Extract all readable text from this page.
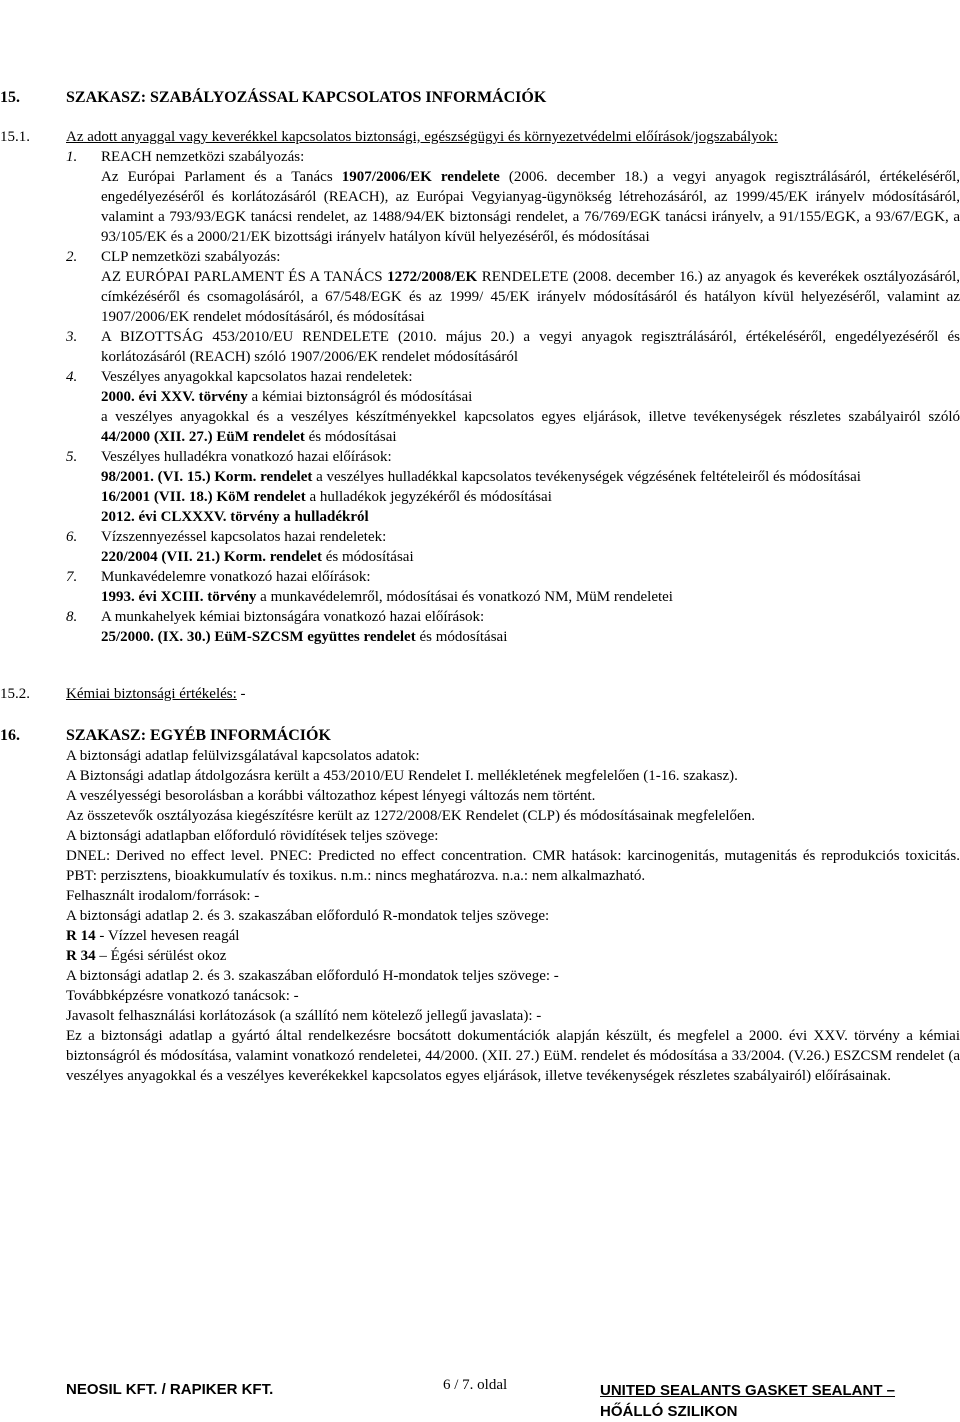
Elkészítés időpontja: 2009. január 15.
Felülvizsgálat időpontja: 2013. február 26.
Verziószám: 2
http://www.biztonsagiadatlap.hu
15.	SZAKASZ: SZABÁLYOZÁSSAL KAPCSOLATOS INFORMÁCIÓK
15.1. Az adott anyaggal vagy keverékkel kapcsolatos biztonsági, egészségügyi és környezetvédelmi előírások/jogszabályok:
1. REACH nemzetközi szabályozás:

Az Európai Parlament és a Tanács 1907/2006/EK rendelete (2006. december 18.) a vegyi anyagok regisztrálásáról, értékeléséről, engedélyezéséről és korlátozásáról (REACH), az Európai Vegyianyag-ügynökség létrehozásáról, az 1999/45/EK irányelv módosításáról, valamint a 793/93/EGK tanácsi rendelet, az 1488/94/EK biztonsági rendelet, a 76/769/EGK tanácsi irányelv, a 91/155/EGK, a 93/67/EGK, a 93/105/EK és a 2000/21/EK bizottsági irányelv hatályon kívül helyezéséről, és módosításai

2. CLP nemzetközi szabályozás:

AZ EURÓPAI PARLAMENT ÉS A TANÁCS 1272/2008/EK RENDELETE (2008. december 16.) az anyagok és keverékek osztályozásáról, címkézéséről és csomagolásáról, a 67/548/EGK és az 1999/ 45/EK irányelv módosításáról és hatályon kívül helyezéséről, valamint az 1907/2006/EK rendelet módosításáról, és módosításai

3. A BIZOTTSÁG 453/2010/EU RENDELETE (2010. május 20.) a vegyi anyagok regisztrálásáról, értékeléséről, engedélyezéséről és korlátozásáról (REACH) szóló 1907/2006/EK rendelet módosításáról

4. Veszélyes anyagokkal kapcsolatos hazai rendeletek:

2000. évi XXV. törvény a kémiai biztonságról és módosításai

a veszélyes anyagokkal és a veszélyes készítményekkel kapcsolatos egyes eljárások, illetve tevékenységek részletes szabályairól szóló 44/2000 (XII. 27.) EüM rendelet és módosításai

5. Veszélyes hulladékra vonatkozó hazai előírások:

98/2001. (VI. 15.) Korm. rendelet a veszélyes hulladékkal kapcsolatos tevékenységek végzésének feltételeiről és módosításai

16/2001 (VII. 18.) KöM rendelet a hulladékok jegyzékéről és módosításai

2012. évi CLXXXV. törvény a hulladékról

6. Vízszennyezéssel kapcsolatos hazai rendeletek:

220/2004 (VII. 21.) Korm. rendelet és módosításai

7. Munkavédelemre vonatkozó hazai előírások:

1993. évi XCIII. törvény a munkavédelemről, módosításai és vonatkozó NM, MüM rendeletei

8. A munkahelyek kémiai biztonságára vonatkozó hazai előírások:

25/2000. (IX. 30.) EüM-SZCSM együttes rendelet és módosításai

15.2. Kémiai biztonsági értékelés: -
16.	SZAKASZ: EGYÉB INFORMÁCIÓK

A biztonsági adatlap felülvizsgálatával kapcsolatos adatok:

A Biztonsági adatlap átdolgozásra került a 453/2010/EU Rendelet I. mellékletének megfelelően (1-16. szakasz).

A veszélyességi besorolásban a korábbi változathoz képest lényegi változás nem történt.

Az összetevők osztályozása kiegészítésre került az 1272/2008/EK Rendelet (CLP) és módosításainak megfelelően.

A biztonsági adatlapban előforduló rövidítések teljes szövege:

DNEL: Derived no effect level. PNEC: Predicted no effect concentration. CMR hatások: karcinogenitás, mutagenitás és reprodukciós toxicitás. PBT: perzisztens, bioakkumulatív és toxikus. n.m.: nincs meghatározva. n.a.: nem alkalmazható.

Felhasznált irodalom/források: -

A biztonsági adatlap 2. és 3. szakaszában előforduló R-mondatok teljes szövege:

R 14 - Vízzel hevesen reagál

R 34 – Égési sérülést okoz

A biztonsági adatlap 2. és 3. szakaszában előforduló H-mondatok teljes szövege: -

Továbbképzésre vonatkozó tanácsok: -

Javasolt felhasználási korlátozások (a szállító nem kötelező jellegű javaslata): -

Ez a biztonsági adatlap a gyártó által rendelkezésre bocsátott dokumentációk alapján készült, és megfelel a 2000. évi XXV. törvény a kémiai biztonságról és módosítása, valamint vonatkozó rendeletei, 44/2000. (XII. 27.) EüM. rendelet és módosítása a 33/2004. (V.26.) ESZCSM rendelet (a veszélyes anyagokkal és a veszélyes keverékekkel kapcsolatos egyes eljárások, illetve tevékenységek részletes szabályairól) előírásainak.

NEOSIL KFT. / RAPIKER KFT.	6 / 7. oldal	UNITED SEALANTS GASKET SEALANT –
HŐÁLLÓ SZILIKON
